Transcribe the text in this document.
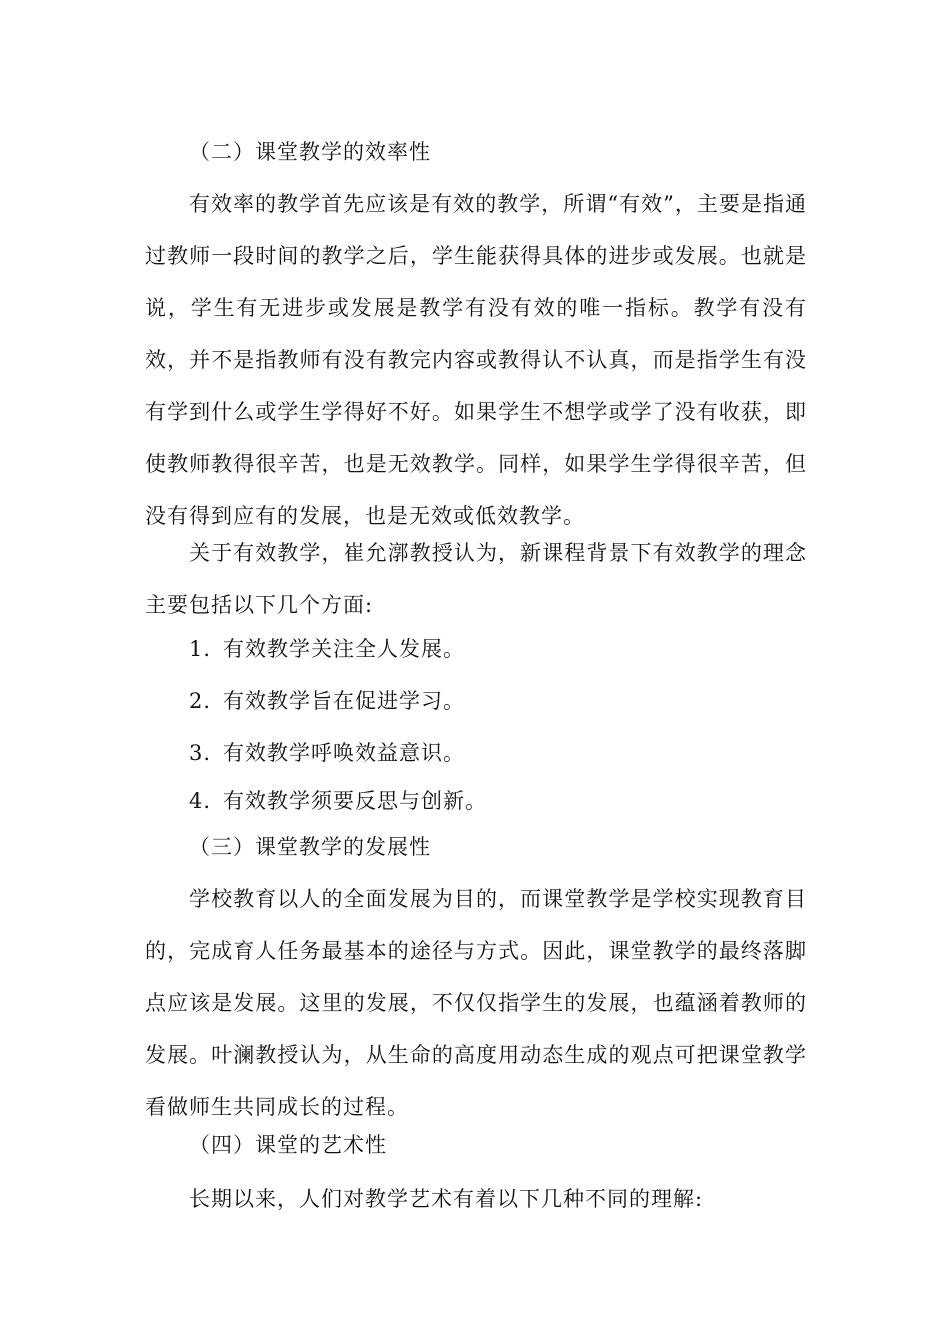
（二）课堂教学的效率性

有效率的教学首先应该是有效的教学，所谓“有效”，主要是指通过教师一段时间的教学之后，学生能获得具体的进步或发展。也就是说，学生有无进步或发展是教学有没有效的唯一指标。教学有没有效，并不是指教师有没有教完内容或教得认不认真，而是指学生有没有学到什么或学生学得好不好。如果学生不想学或学了没有收获，即使教师教得很辛苦，也是无效教学。同样，如果学生学得很辛苦，但没有得到应有的发展，也是无效或低效教学。

关于有效教学，崔允漷教授认为，新课程背景下有效教学的理念主要包括以下几个方面:

1. 有效教学关注全人发展。

2. 有效教学旨在促进学习。

3. 有效教学呼唤效益意识。

4. 有效教学须要反思与创新。

（三）课堂教学的发展性

学校教育以人的全面发展为目的，而课堂教学是学校实现教育目的，完成育人任务最基本的途径与方式。因此，课堂教学的最终落脚点应该是发展。这里的发展，不仅仅指学生的发展，也蕴涵着教师的发展。叶澜教授认为，从生命的高度用动态生成的观点可把课堂教学看做师生共同成长的过程。

（四）课堂的艺术性

长期以来，人们对教学艺术有着以下几种不同的理解:
